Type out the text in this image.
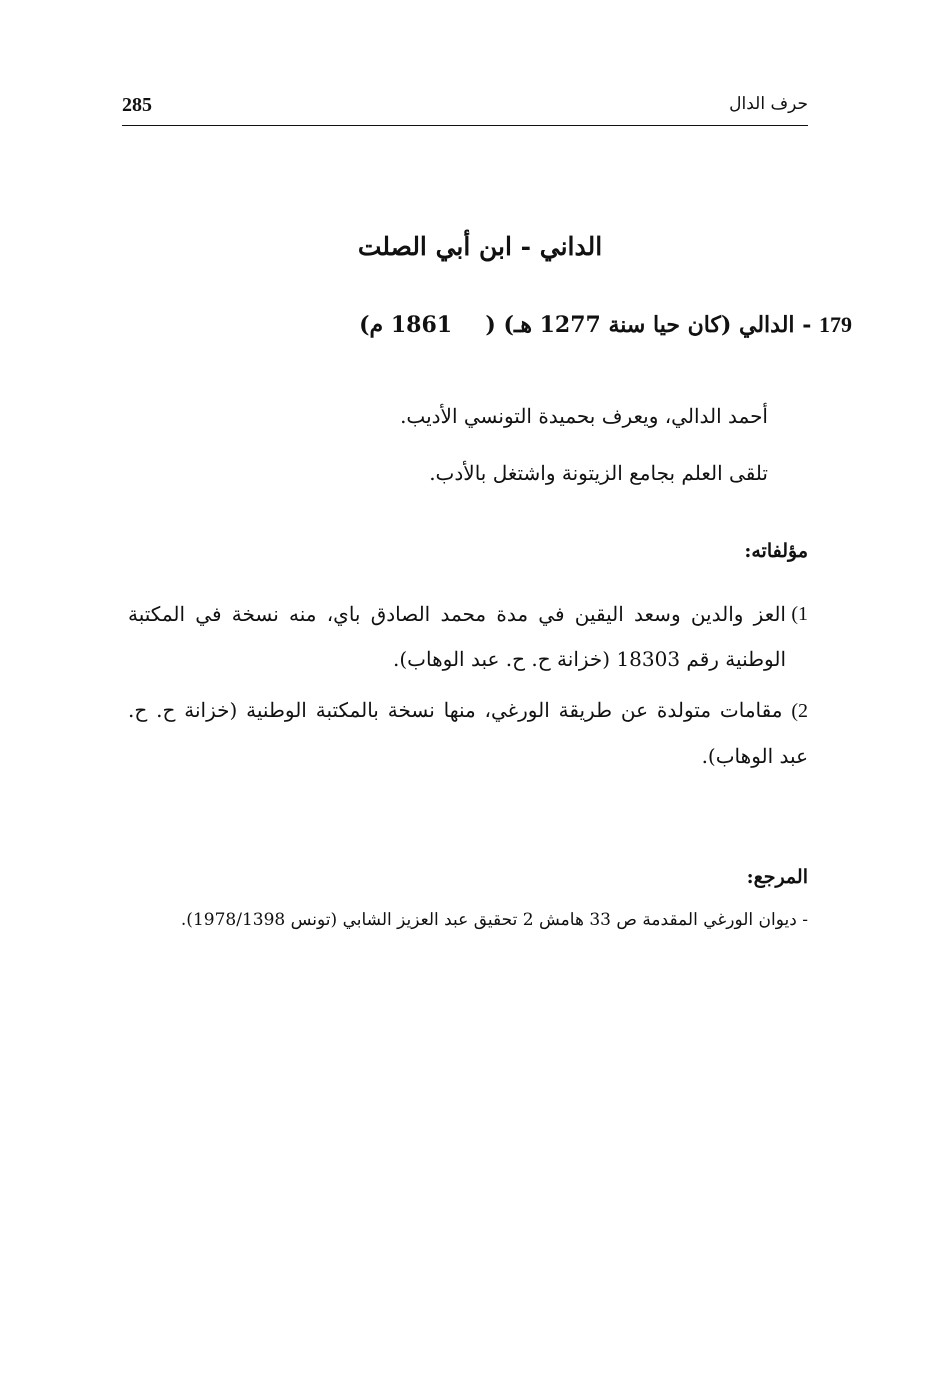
285	حرف الدال
الداني - ابن أبي الصلت
179 - الدالي (كان حيا سنة 1277 هـ) (  1861 م)
أحمد الدالي، ويعرف بحميدة التونسي الأديب.
تلقى العلم بجامع الزيتونة واشتغل بالأدب.
مؤلفاته:
1)
العز والدين وسعد اليقين في مدة محمد الصادق باي، منه نسخة في المكتبة الوطنية رقم 18303 (خزانة ح. ح. عبد الوهاب).
2) مقامات متولدة عن طريقة الورغي، منها نسخة بالمكتبة الوطنية (خزانة ح. ح. عبد الوهاب).
المرجع:
- ديوان الورغي المقدمة ص 33 هامش 2 تحقيق عبد العزيز الشابي (تونس 1978/1398).
